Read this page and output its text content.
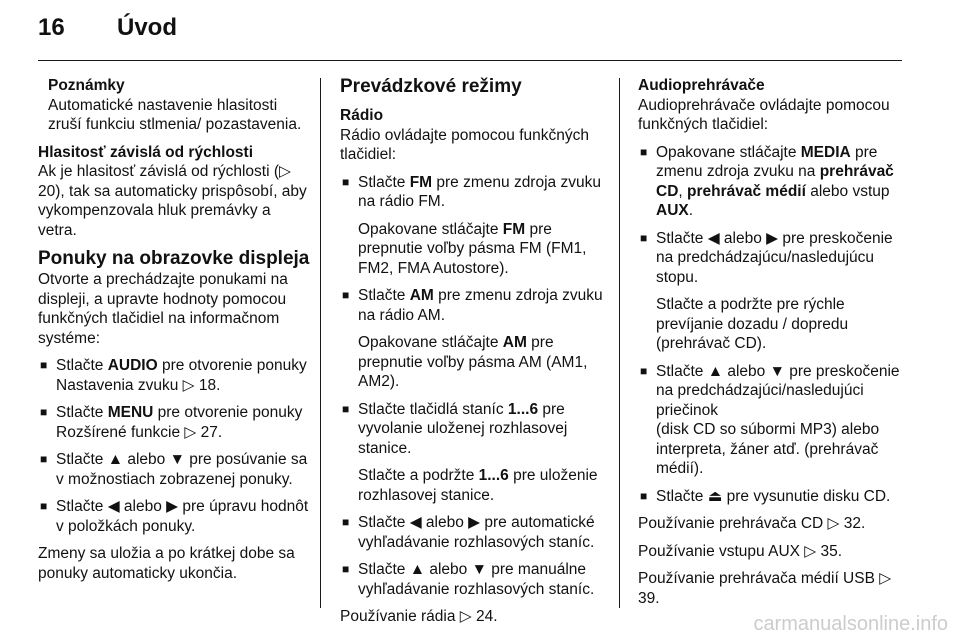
16 Úvod
Poznámky
Automatické nastavenie hlasitosti zruší funkciu stlmenia/ pozastavenia.
Hlasitosť závislá od rýchlosti

Ak je hlasitosť závislá od rýchlosti (▷ 20), tak sa automaticky prispôsobí, aby vykompenzovala hluk premávky a vetra.

Ponuky na obrazovke displeja

Otvorte a prechádzajte ponukami na displeji, a upravte hodnoty pomocou funkčných tlačidiel na informačnom systéme:

■ Stlačte AUDIO pre otvorenie ponuky Nastavenia zvuku ▷ 18.
■ Stlačte MENU pre otvorenie ponuky Rozšírené funkcie ▷ 27.
■ Stlačte ▲ alebo ▼ pre posúvanie sa v možnostiach zobrazenej ponuky.
■ Stlačte ◀ alebo ▶ pre úpravu hodnôt v položkách ponuky.

Zmeny sa uložia a po krátkej dobe sa ponuky automaticky ukončia.

Prevádzkové režimy
Rádio

Rádio ovládajte pomocou funkčných tlačidiel:

■ Stlačte FM pre zmenu zdroja zvuku na rádio FM.
Opakovane stláčajte FM pre prepnutie voľby pásma FM (FM1, FM2, FMA Autostore).
■ Stlačte AM pre zmenu zdroja zvuku na rádio AM.
Opakovane stláčajte AM pre prepnutie voľby pásma AM (AM1, AM2).
■ Stlačte tlačidlá staníc 1...6 pre vyvolanie uloženej rozhlasovej stanice.
Stlačte a podržte 1...6 pre uloženie rozhlasovej stanice.
■ Stlačte ◀ alebo ▶ pre automatické vyhľadávanie rozhlasových staníc.
■ Stlačte ▲ alebo ▼ pre manuálne vyhľadávanie rozhlasových staníc.

Používanie rádia ▷ 24.

Audioprehrávače

Audioprehrávače ovládajte pomocou funkčných tlačidiel:

■ Opakovane stláčajte MEDIA pre zmenu zdroja zvuku na prehrávač CD, prehrávač médií alebo vstup AUX.
■ Stlačte ◀ alebo ▶ pre preskočenie na predchádzajúcu/nasledujúcu stopu.
Stlačte a podržte pre rýchle prevíjanie dozadu / dopredu (prehrávač CD).
■ Stlačte ▲ alebo ▼ pre preskočenie na predchádzajúci/nasledujúci priečinok
(disk CD so súbormi MP3) alebo interpreta, žáner atď. (prehrávač médií).
■ Stlačte ⏏ pre vysunutie disku CD.

Používanie prehrávača CD ▷ 32.

Používanie vstupu AUX ▷ 35.

Používanie prehrávača médií USB ▷ 39.

carmanualsonline.info
